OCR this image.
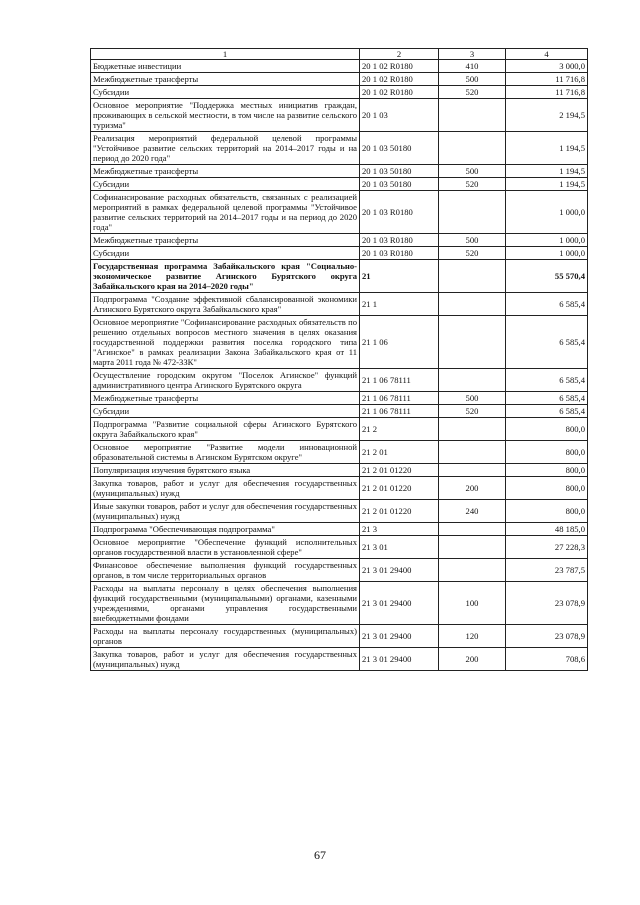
1	2	3	4
Бюджетные инвестиции	20 1 02 R0180	410	3 000,0
Межбюджетные трансферты	20 1 02 R0180	500	11 716,8
Субсидии	20 1 02 R0180	520	11 716,8
Основное мероприятие "Поддержка местных инициатив граждан, проживающих в сельской местности, в том числе на развитие сельского туризма"	20 1 03		2 194,5
Реализация мероприятий федеральной целевой программы "Устойчивое развитие сельских территорий на 2014–2017 годы и на период до 2020 года"	20 1 03 50180		1 194,5
Межбюджетные трансферты	20 1 03 50180	500	1 194,5
Субсидии	20 1 03 50180	520	1 194,5
Софинансирование расходных обязательств, связанных с реализацией мероприятий в рамках федеральной целевой программы "Устойчивое развитие сельских территорий на 2014–2017 годы и на период до 2020 года"	20 1 03 R0180		1 000,0
Межбюджетные трансферты	20 1 03 R0180	500	1 000,0
Субсидии	20 1 03 R0180	520	1 000,0
Государственная программа Забайкальского края "Социально-экономическое развитие Агинского Бурятского округа Забайкальского края на 2014–2020 годы"	21		55 570,4
Подпрограмма "Создание эффективной сбалансированной экономики Агинского Бурятского округа Забайкальского края"	21 1		6 585,4
Основное мероприятие "Софинансирование расходных обязательств по решению отдельных вопросов местного значения в целях оказания государственной поддержки развития поселка городского типа "Агинское" в рамках реализации Закона Забайкальского края от 11 марта 2011 года № 472-ЗЗК"	21 1 06		6 585,4
Осуществление городским округом "Поселок Агинское" функций административного центра Агинского Бурятского округа	21 1 06 78111		6 585,4
Межбюджетные трансферты	21 1 06 78111	500	6 585,4
Субсидии	21 1 06 78111	520	6 585,4
Подпрограмма "Развитие социальной сферы Агинского Бурятского округа Забайкальского края"	21 2		800,0
Основное мероприятие "Развитие модели инновационной образовательной системы в Агинском Бурятском округе"	21 2 01		800,0
Популяризация изучения бурятского языка	21 2 01 01220		800,0
Закупка товаров, работ и услуг для обеспечения государственных (муниципальных) нужд	21 2 01 01220	200	800,0
Иные закупки товаров, работ и услуг для обеспечения государственных (муниципальных) нужд	21 2 01 01220	240	800,0
Подпрограмма "Обеспечивающая подпрограмма"	21 3		48 185,0
Основное мероприятие "Обеспечение функций исполнительных органов государственной власти в установленной сфере"	21 3 01		27 228,3
Финансовое обеспечение выполнения функций государственных органов, в том числе территориальных органов	21 3 01 29400		23 787,5
Расходы на выплаты персоналу в целях обеспечения выполнения функций государственными (муниципальными) органами, казенными учреждениями, органами управления государственными внебюджетными фондами	21 3 01 29400	100	23 078,9
Расходы на выплаты персоналу государственных (муниципальных) органов	21 3 01 29400	120	23 078,9
Закупка товаров, работ и услуг для обеспечения государственных (муниципальных) нужд	21 3 01 29400	200	708,6
67
